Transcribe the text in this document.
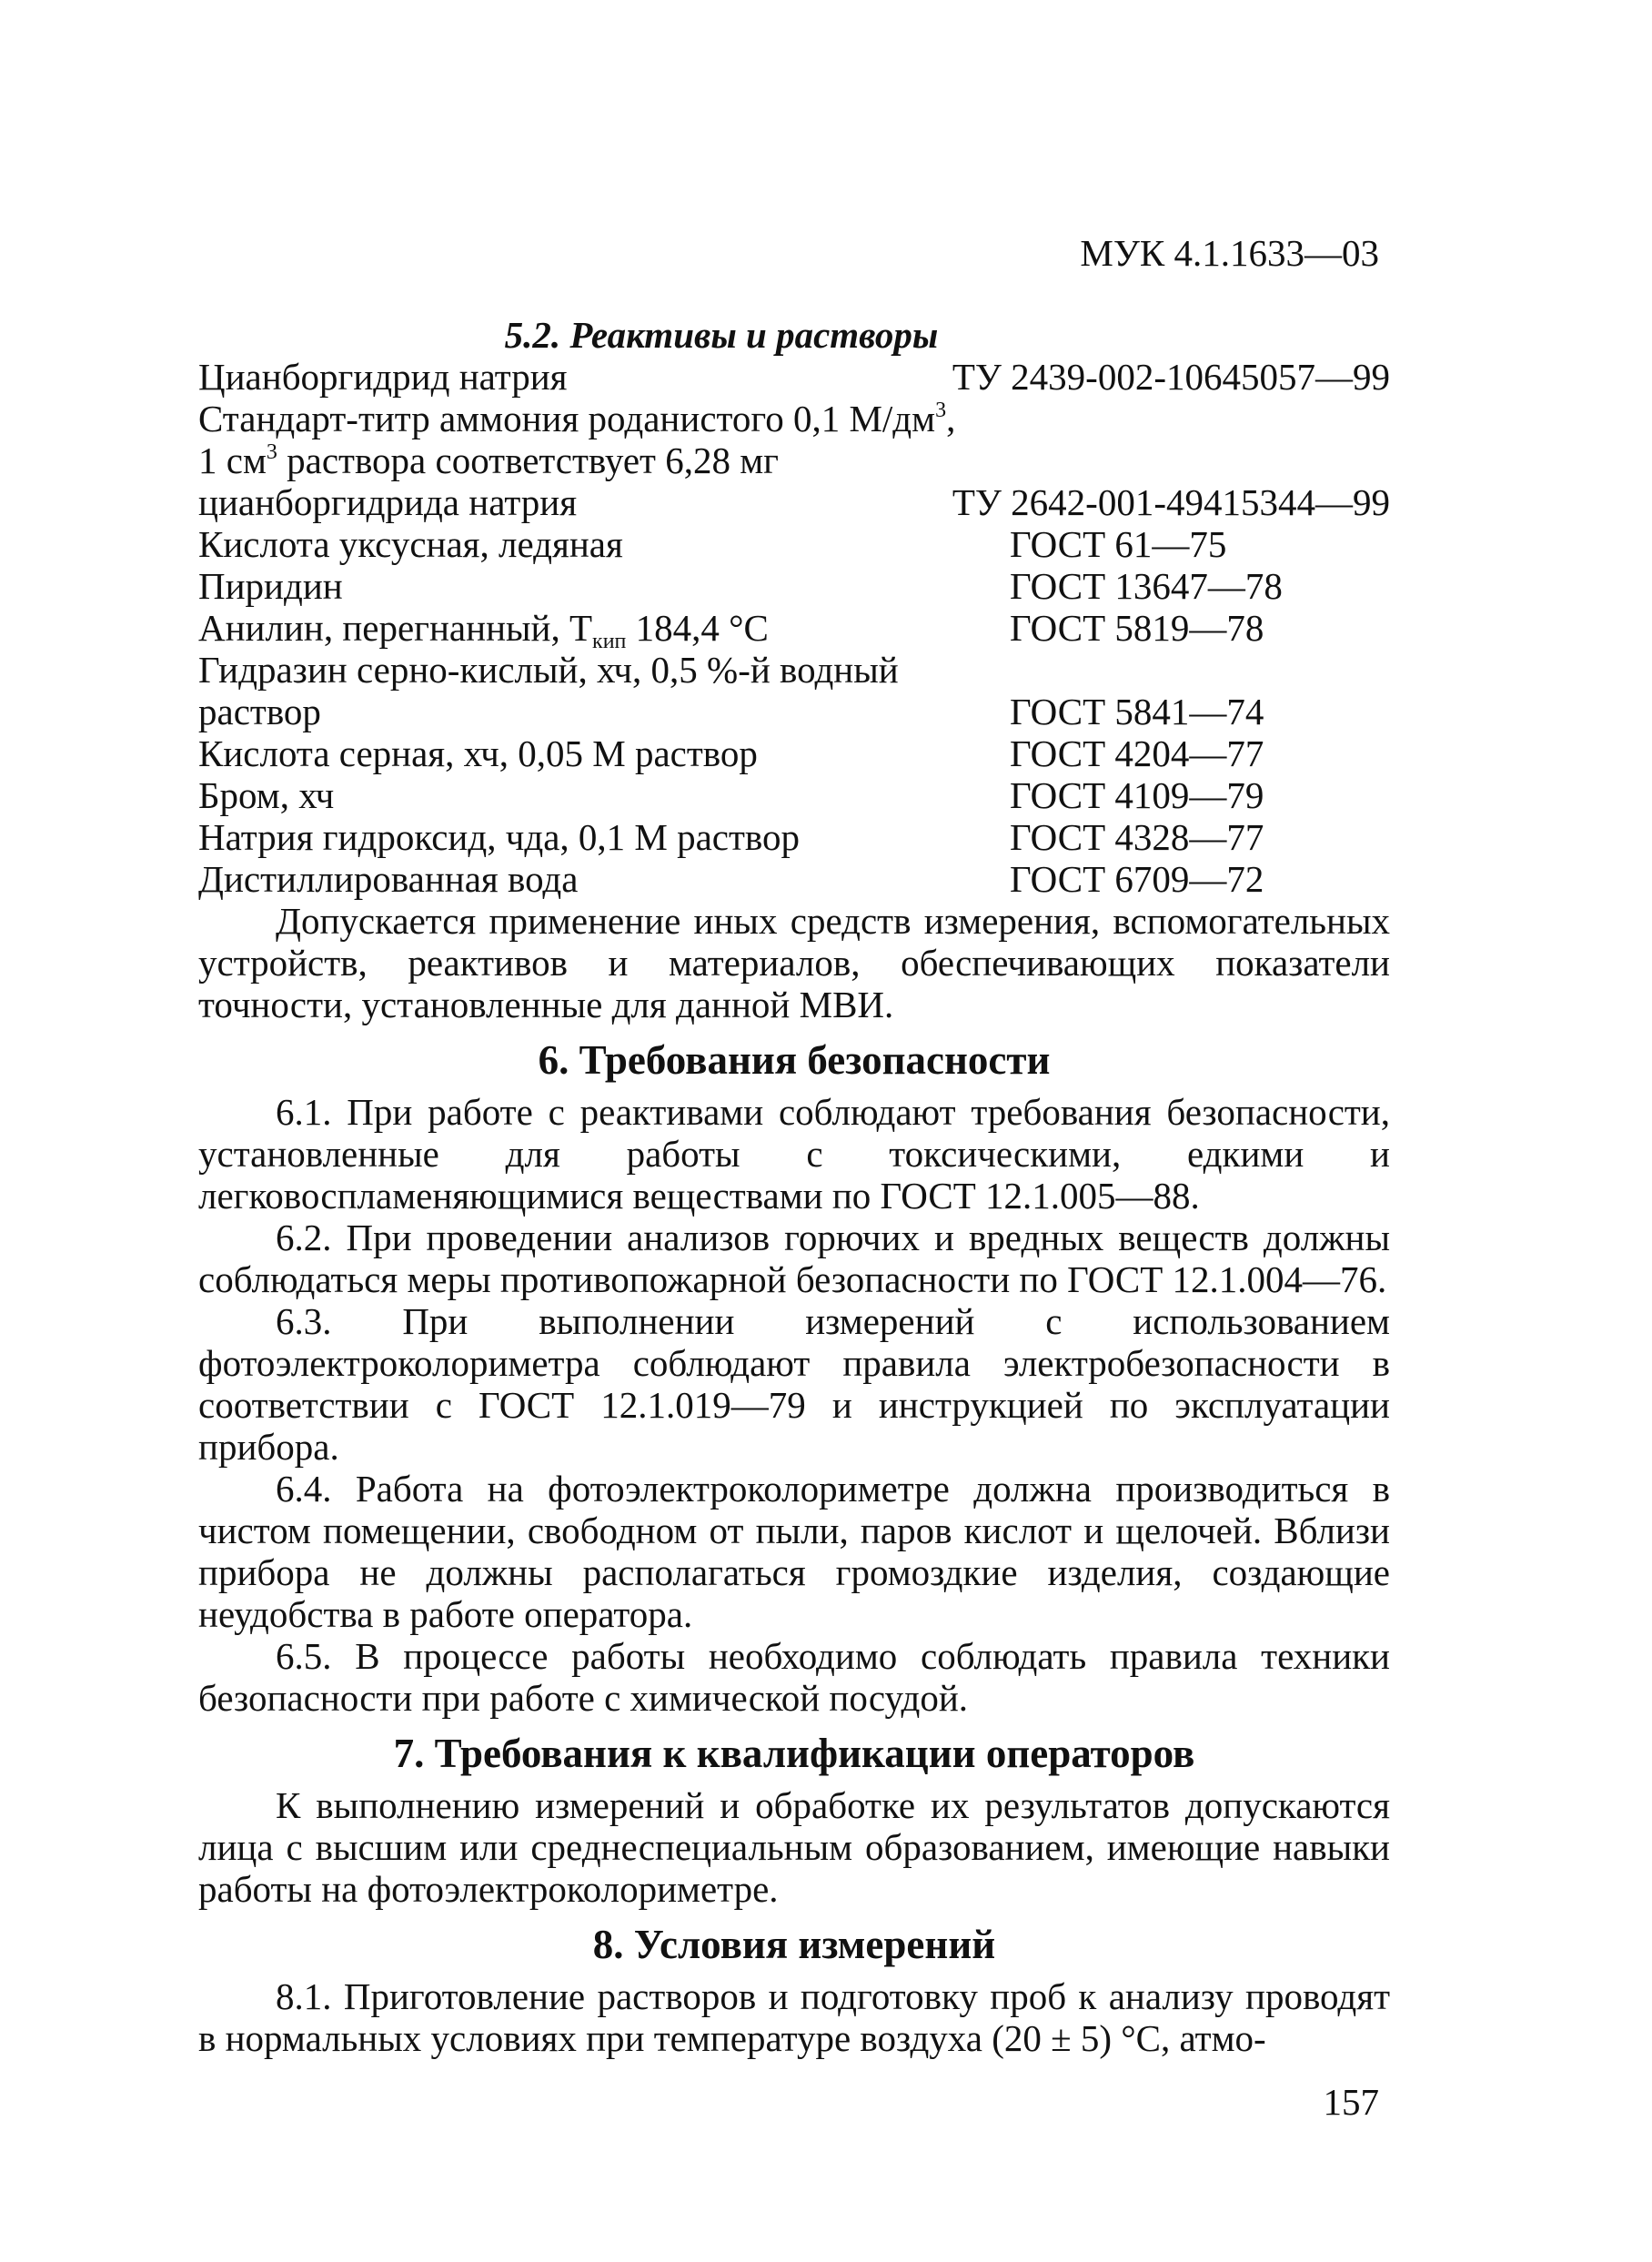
МУК 4.1.1633—03
5.2. Реактивы и растворы
Цианборгидрид натрия	ТУ 2439-002-10645057—99
Стандарт-титр аммония роданистого 0,1 $М/дм^3$,
1 $см^3$ раствора соответствует 6,28 мг
цианборгидрида натрия	ТУ 2642-001-49415344—99
Кислота уксусная, ледяная	ГОСТ 61—75
Пиридин	ГОСТ 13647—78
Анилин, перегнанный, $Т_{кип}$ 184,4 °С	ГОСТ 5819—78
Гидразин серно-кислый, хч, 0,5 %-й водный
раствор	ГОСТ 5841—74
Кислота серная, хч, 0,05 М раствор	ГОСТ 4204—77
Бром, хч	ГОСТ 4109—79
Натрия гидроксид, чда, 0,1 М раствор	ГОСТ 4328—77
Дистиллированная вода	ГОСТ 6709—72

Допускается применение иных средств измерения, вспомогательных устройств, реактивов и материалов, обеспечивающих показатели точности, установленные для данной МВИ.

6. Требования безопасности

6.1. При работе с реактивами соблюдают требования безопасности, установленные для работы с токсическими, едкими и легковоспламеняющимися веществами по ГОСТ 12.1.005—88.

6.2. При проведении анализов горючих и вредных веществ должны соблюдаться меры противопожарной безопасности по ГОСТ 12.1.004—76.

6.3. При выполнении измерений с использованием фотоэлектроколориметра соблюдают правила электробезопасности в соответствии с ГОСТ 12.1.019—79 и инструкцией по эксплуатации прибора.

6.4. Работа на фотоэлектроколориметре должна производиться в чистом помещении, свободном от пыли, паров кислот и щелочей. Вблизи прибора не должны располагаться громоздкие изделия, создающие неудобства в работе оператора.

6.5. В процессе работы необходимо соблюдать правила техники безопасности при работе с химической посудой.

7. Требования к квалификации операторов

К выполнению измерений и обработке их результатов допускаются лица с высшим или среднеспециальным образованием, имеющие навыки работы на фотоэлектроколориметре.

8. Условия измерений

8.1. Приготовление растворов и подготовку проб к анализу проводят в нормальных условиях при температуре воздуха (20 ± 5) °С, атмо-

157
